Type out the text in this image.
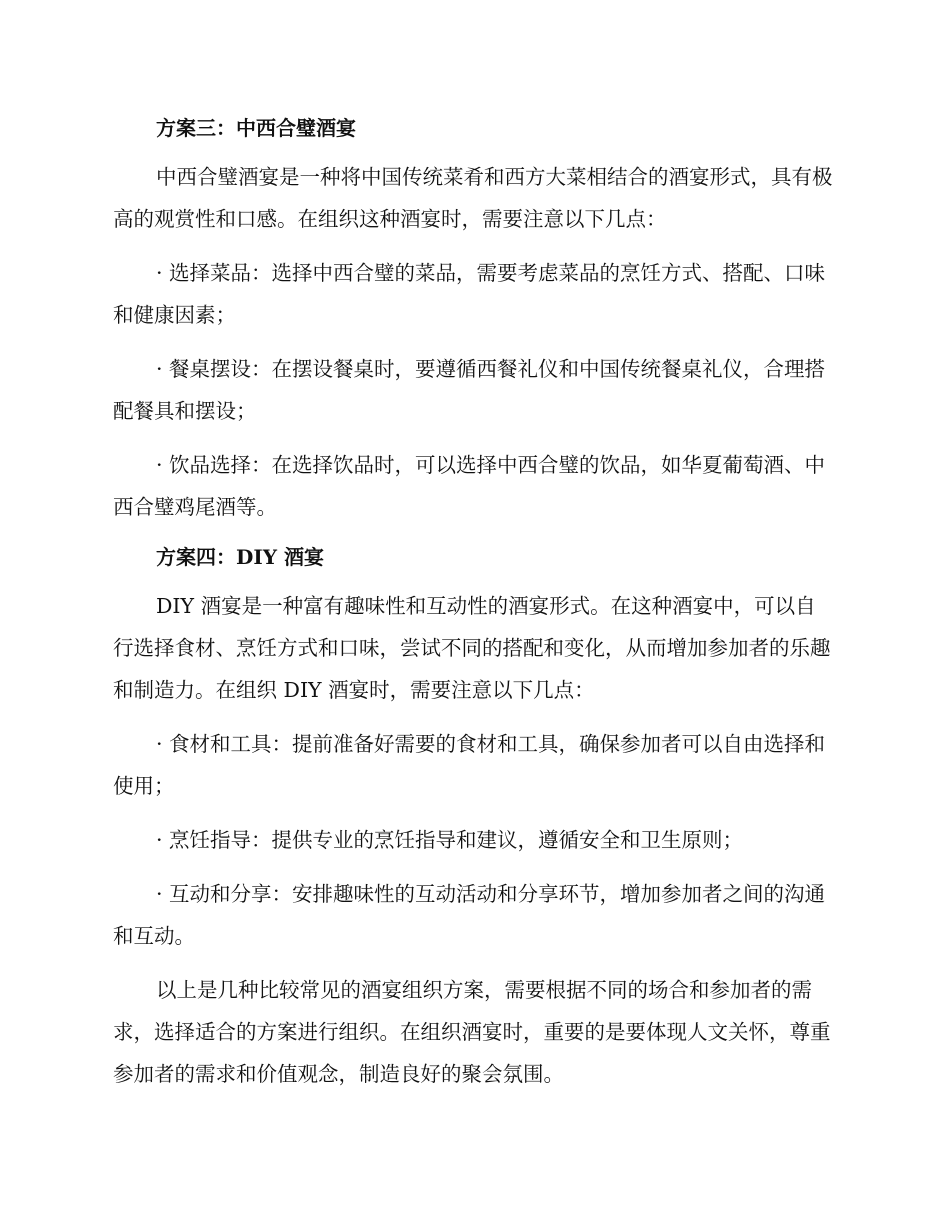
方案三：中西合璧酒宴

中西合璧酒宴是一种将中国传统菜肴和西方大菜相结合的酒宴形式，具有极高的观赏性和口感。在组织这种酒宴时，需要注意以下几点：

· 选择菜品：选择中西合璧的菜品，需要考虑菜品的烹饪方式、搭配、口味和健康因素；

· 餐桌摆设：在摆设餐桌时，要遵循西餐礼仪和中国传统餐桌礼仪，合理搭配餐具和摆设；

· 饮品选择：在选择饮品时，可以选择中西合璧的饮品，如华夏葡萄酒、中西合璧鸡尾酒等。

方案四：DIY 酒宴

DIY 酒宴是一种富有趣味性和互动性的酒宴形式。在这种酒宴中，可以自行选择食材、烹饪方式和口味，尝试不同的搭配和变化，从而增加参加者的乐趣和制造力。在组织 DIY 酒宴时，需要注意以下几点：

· 食材和工具：提前准备好需要的食材和工具，确保参加者可以自由选择和使用；

· 烹饪指导：提供专业的烹饪指导和建议，遵循安全和卫生原则；

· 互动和分享：安排趣味性的互动活动和分享环节，增加参加者之间的沟通和互动。

以上是几种比较常见的酒宴组织方案，需要根据不同的场合和参加者的需求，选择适合的方案进行组织。在组织酒宴时，重要的是要体现人文关怀，尊重参加者的需求和价值观念，制造良好的聚会氛围。
